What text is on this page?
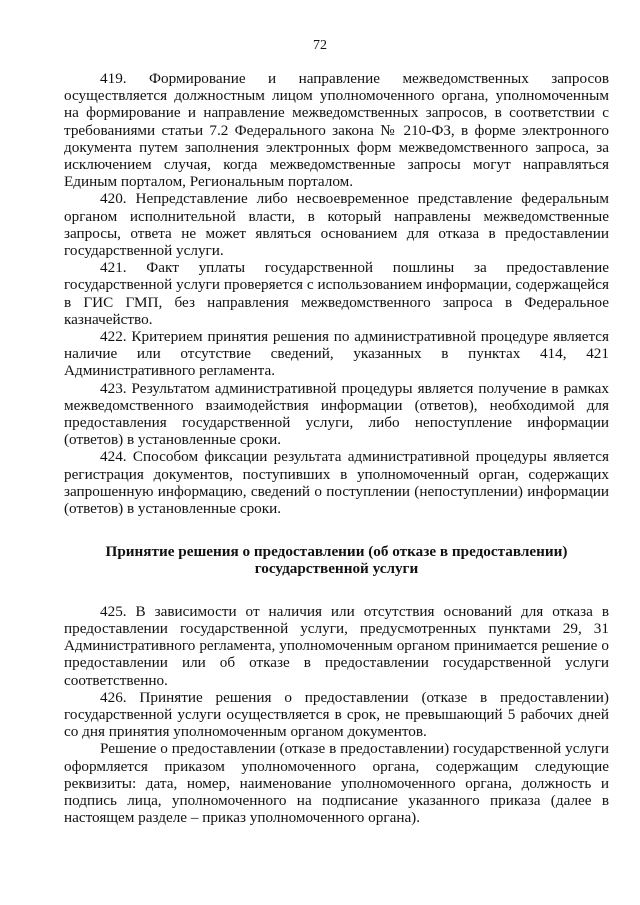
72

419. Формирование и направление межведомственных запросов осуществляется должностным лицом уполномоченного органа, уполномоченным на формирование и направление межведомственных запросов, в соответствии с требованиями статьи 7.2 Федерального закона № 210-ФЗ, в форме электронного документа путем заполнения электронных форм межведомственного запроса, за исключением случая, когда межведомственные запросы могут направляться Единым порталом, Региональным порталом.

420. Непредставление либо несвоевременное представление федеральным органом исполнительной власти, в который направлены межведомственные запросы, ответа не может являться основанием для отказа в предоставлении государственной услуги.

421. Факт уплаты государственной пошлины за предоставление государственной услуги проверяется с использованием информации, содержащейся в ГИС ГМП, без направления межведомственного запроса в Федеральное казначейство.

422. Критерием принятия решения по административной процедуре является наличие или отсутствие сведений, указанных в пунктах 414, 421 Административного регламента.

423. Результатом административной процедуры является получение в рамках межведомственного взаимодействия информации (ответов), необходимой для предоставления государственной услуги, либо непоступление информации (ответов) в установленные сроки.

424. Способом фиксации результата административной процедуры является регистрация документов, поступивших в уполномоченный орган, содержащих запрошенную информацию, сведений о поступлении (непоступлении) информации (ответов) в установленные сроки.

Принятие решения о предоставлении (об отказе в предоставлении)
государственной услуги

425. В зависимости от наличия или отсутствия оснований для отказа в предоставлении государственной услуги, предусмотренных пунктами 29, 31 Административного регламента, уполномоченным органом принимается решение о предоставлении или об отказе в предоставлении государственной услуги соответственно.

426. Принятие решения о предоставлении (отказе в предоставлении) государственной услуги осуществляется в срок, не превышающий 5 рабочих дней со дня принятия уполномоченным органом документов.

Решение о предоставлении (отказе в предоставлении) государственной услуги оформляется приказом уполномоченного органа, содержащим следующие реквизиты: дата, номер, наименование уполномоченного органа, должность и подпись лица, уполномоченного на подписание указанного приказа (далее в настоящем разделе – приказ уполномоченного органа).
